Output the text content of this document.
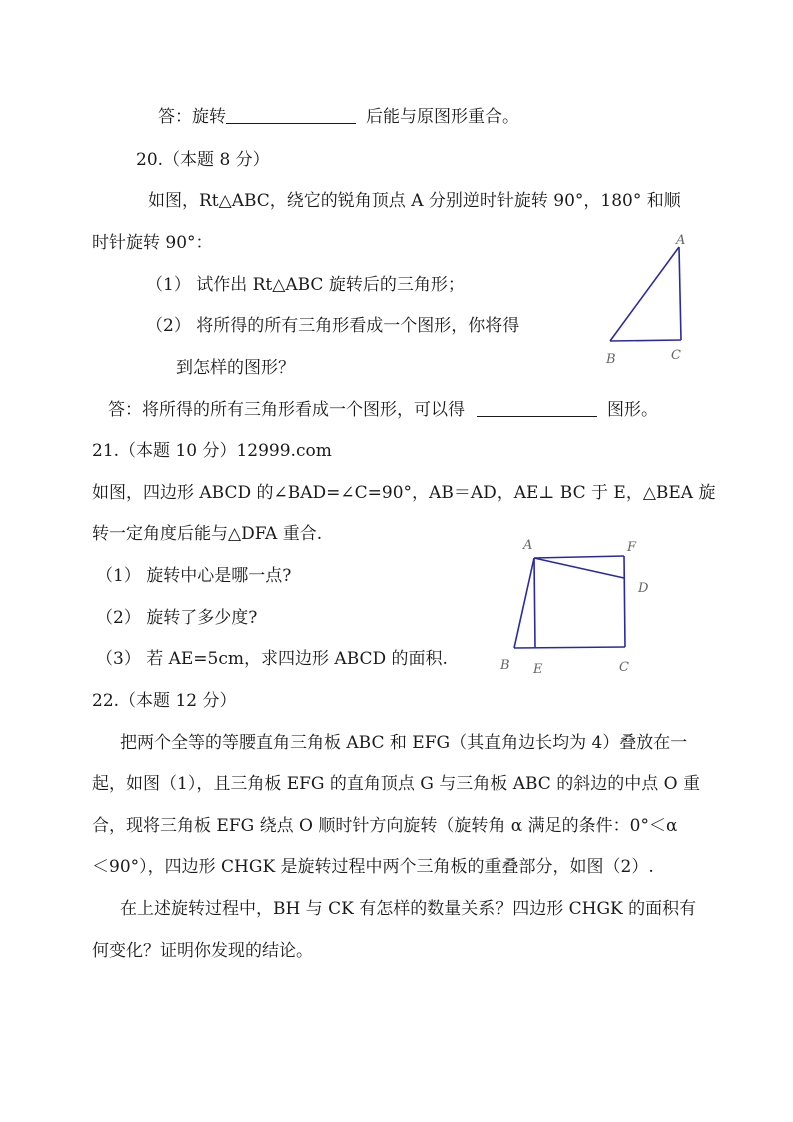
答：旋转	后能与原图形重合。
20.（本题 8 分）
如图，Rt△ABC，绕它的锐角顶点 A 分别逆时针旋转 90°，180° 和顺
时针旋转 90°：
（1） 试作出 Rt△ABC 旋转后的三角形；
（2） 将所得的所有三角形看成一个图形，你将得
到怎样的图形？
答：将所得的所有三角形看成一个图形，可以得	图形。
A
B	C
21.（本题 10 分）12999.com
如图，四边形 ABCD 的∠BAD=∠C=90°，AB＝AD，AE⊥ BC 于 E，△BEA 旋
转一定角度后能与△DFA 重合.
（1） 旋转中心是哪一点?
（2） 旋转了多少度?
（3） 若 AE=5cm，求四边形 ABCD 的面积.
A	F
D
B E	C
22.（本题 12 分）
把两个全等的等腰直角三角板 ABC 和 EFG（其直角边长均为 4）叠放在一
起，如图（1），且三角板 EFG 的直角顶点 G 与三角板 ABC 的斜边的中点 O 重
合，现将三角板 EFG 绕点 O 顺时针方向旋转（旋转角 α 满足的条件：0°＜α
＜90°），四边形 CHGK 是旋转过程中两个三角板的重叠部分，如图（2）.
在上述旋转过程中，BH 与 CK 有怎样的数量关系？四边形 CHGK 的面积有
何变化？证明你发现的结论。
